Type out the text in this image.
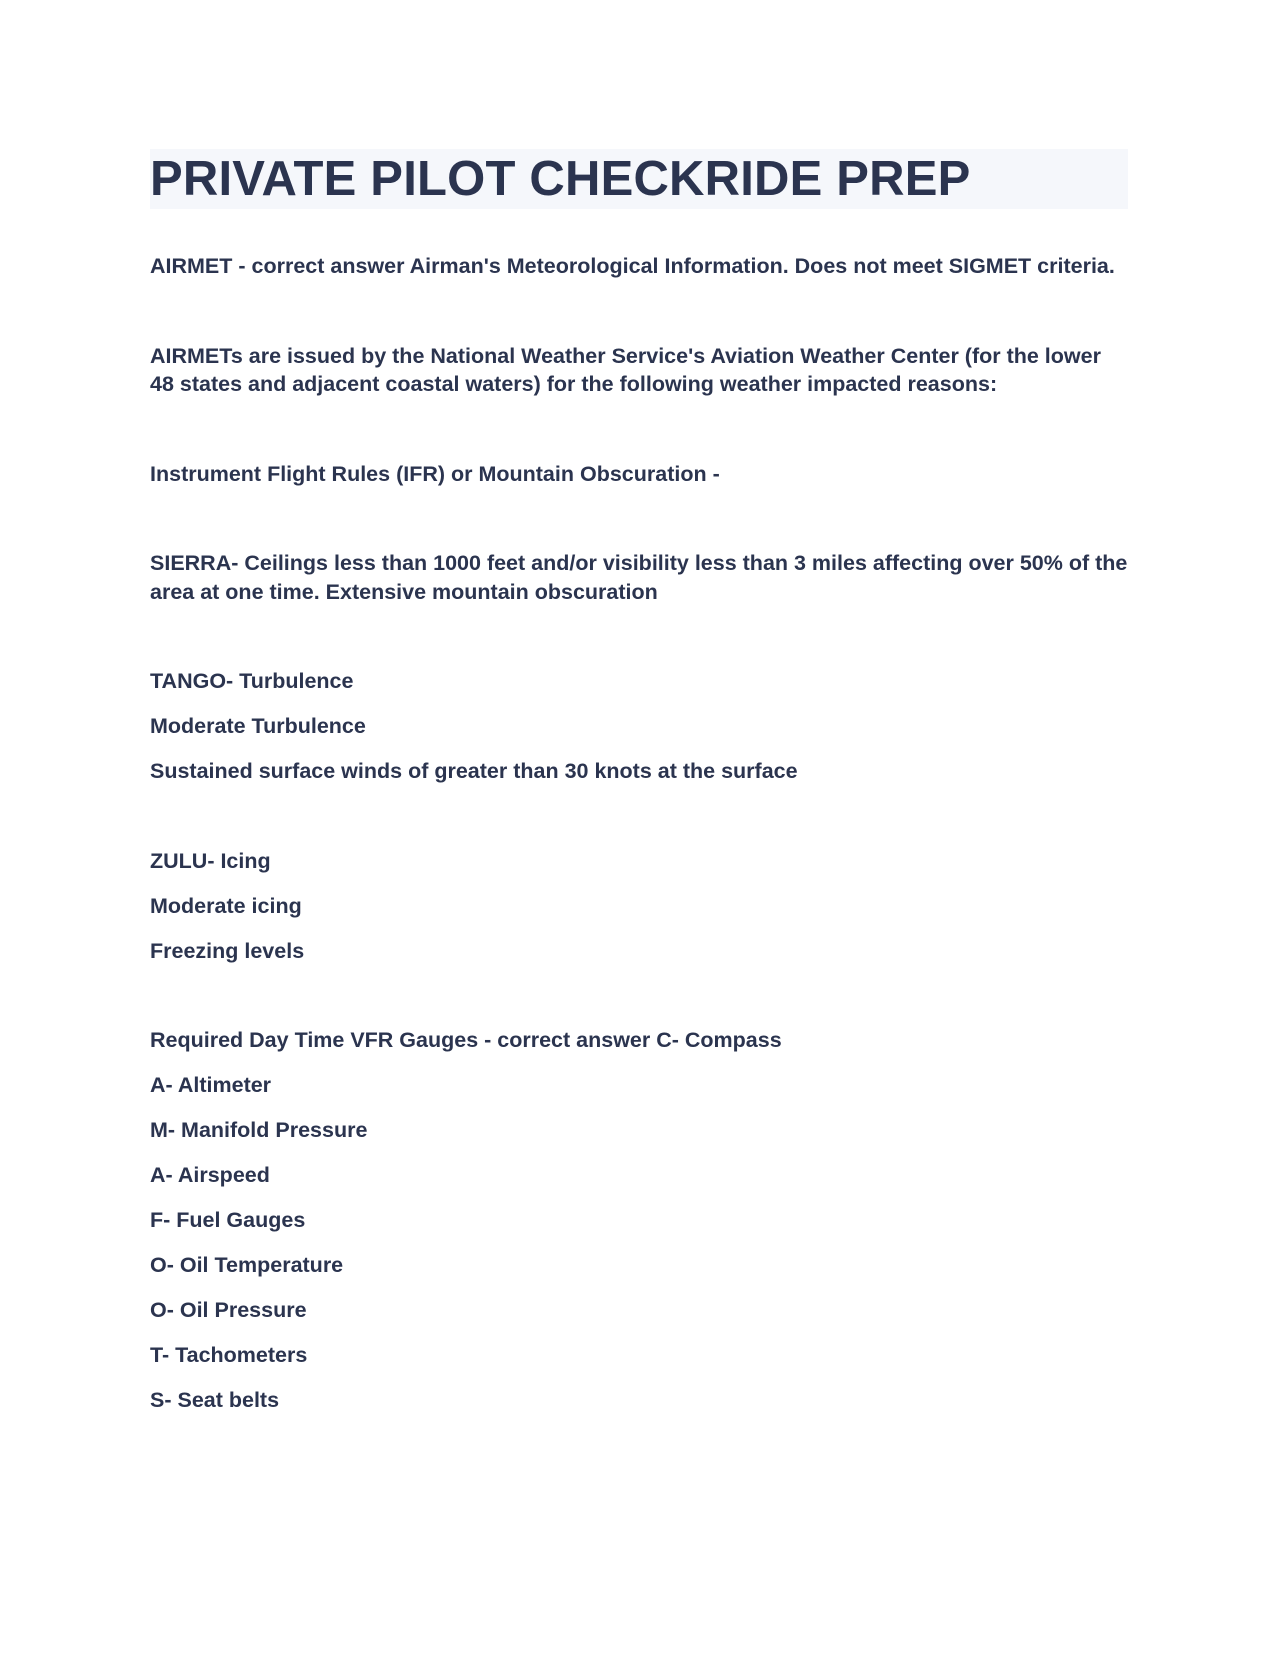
PRIVATE PILOT CHECKRIDE PREP

AIRMET - correct answer Airman's Meteorological Information. Does not meet SIGMET criteria.

AIRMETs are issued by the National Weather Service's Aviation Weather Center (for the lower 48 states and adjacent coastal waters) for the following weather impacted reasons:

Instrument Flight Rules (IFR) or Mountain Obscuration -

SIERRA- Ceilings less than 1000 feet and/or visibility less than 3 miles affecting over 50% of the area at one time. Extensive mountain obscuration

TANGO- Turbulence

Moderate Turbulence

Sustained surface winds of greater than 30 knots at the surface

ZULU- Icing

Moderate icing

Freezing levels

Required Day Time VFR Gauges - correct answer C- Compass

A- Altimeter

M- Manifold Pressure

A- Airspeed

F- Fuel Gauges

O- Oil Temperature

O- Oil Pressure

T- Tachometers

S- Seat belts
